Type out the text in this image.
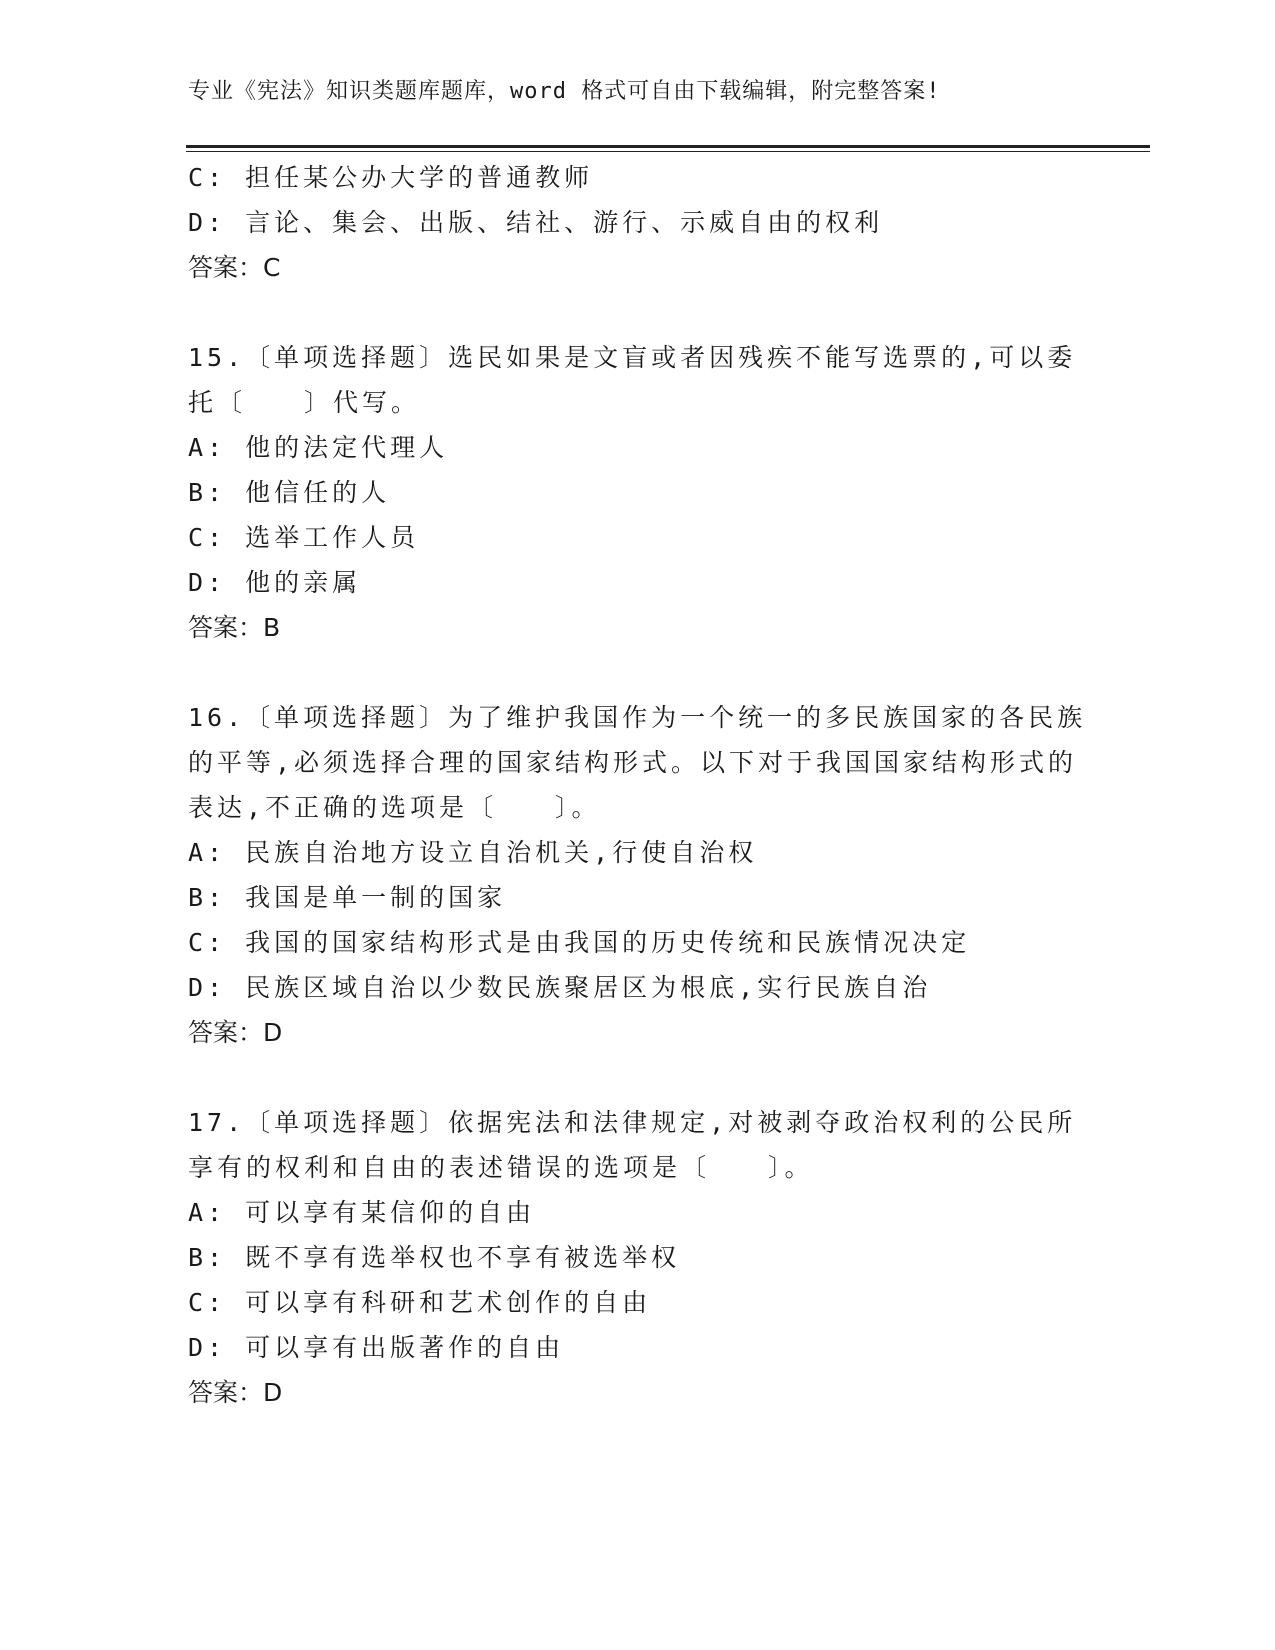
专业《宪法》知识类题库题库，word 格式可自由下载编辑，附完整答案!
C: 担任某公办大学的普通教师
D: 言论、集会、出版、结社、游行、示威自由的权利
答案：C
15.〔单项选择题〕选民如果是文盲或者因残疾不能写选票的,可以委
托〔　　〕代写。
A: 他的法定代理人
B: 他信任的人
C: 选举工作人员
D: 他的亲属
答案：B
16.〔单项选择题〕为了维护我国作为一个统一的多民族国家的各民族
的平等,必须选择合理的国家结构形式。以下对于我国国家结构形式的
表达,不正确的选项是〔　　〕。
A: 民族自治地方设立自治机关,行使自治权
B: 我国是单一制的国家
C: 我国的国家结构形式是由我国的历史传统和民族情况决定
D: 民族区域自治以少数民族聚居区为根底,实行民族自治
答案：D
17.〔单项选择题〕依据宪法和法律规定,对被剥夺政治权利的公民所
享有的权利和自由的表述错误的选项是〔　　〕。
A: 可以享有某信仰的自由
B: 既不享有选举权也不享有被选举权
C: 可以享有科研和艺术创作的自由
D: 可以享有出版著作的自由
答案：D
